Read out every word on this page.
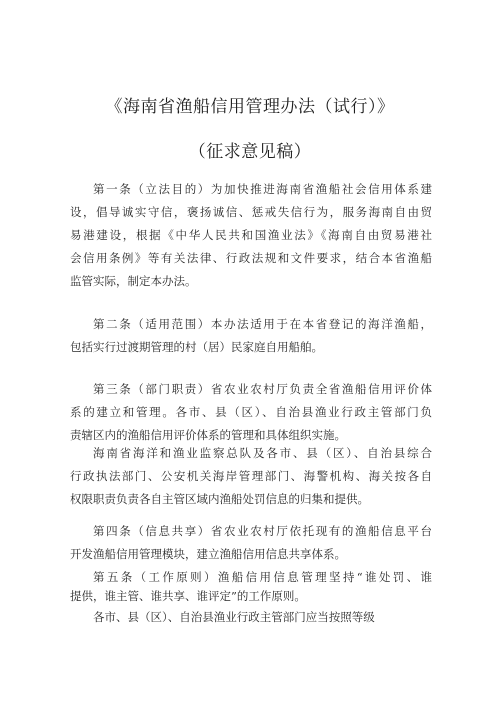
《海南省渔船信用管理办法（试行）》
（征求意见稿）
第一条（立法目的）为加快推进海南省渔船社会信用体系建
设，倡导诚实守信，褒扬诚信、惩戒失信行为，服务海南自由贸
易港建设，根据《中华人民共和国渔业法》《海南自由贸易港社
会信用条例》等有关法律、行政法规和文件要求，结合本省渔船
监管实际，制定本办法。
第二条（适用范围）本办法适用于在本省登记的海洋渔船，
包括实行过渡期管理的村（居）民家庭自用船舶。
第三条（部门职责）省农业农村厅负责全省渔船信用评价体
系的建立和管理。各市、县（区）、自治县渔业行政主管部门负
责辖区内的渔船信用评价体系的管理和具体组织实施。
海南省海洋和渔业监察总队及各市、县（区）、自治县综合
行政执法部门、公安机关海岸管理部门、海警机构、海关按各自
权限职责负责各自主管区域内渔船处罚信息的归集和提供。
第四条（信息共享）省农业农村厅依托现有的渔船信息平台
开发渔船信用管理模块，建立渔船信用信息共享体系。
第五条（工作原则）渔船信用信息管理坚持“谁处罚、谁
提供，谁主管、谁共享、谁评定”的工作原则。
各市、县（区）、自治县渔业行政主管部门应当按照等级
